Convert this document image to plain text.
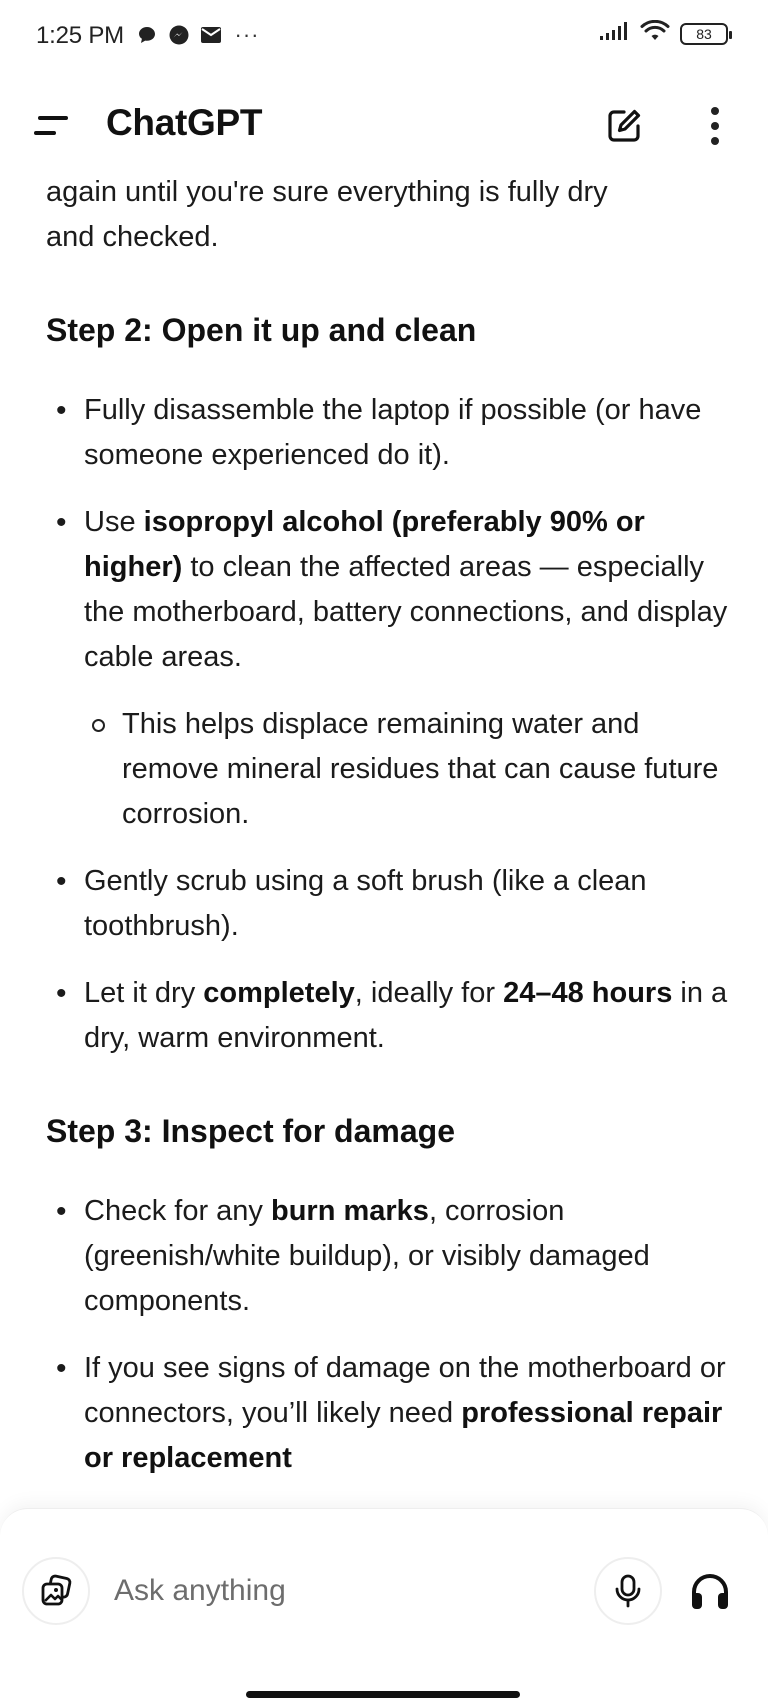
1:25 PM	···	83
ChatGPT
again until you're sure everything is fully dry
and checked.
Step 2: Open it up and clean
• Fully disassemble the laptop if possible (or have someone experienced do it).
• Use isopropyl alcohol (preferably 90% or higher) to clean the affected areas — especially the motherboard, battery connections, and display cable areas.
This helps displace remaining water and remove mineral residues that can cause future corrosion.
• Gently scrub using a soft brush (like a clean toothbrush).
• Let it dry completely, ideally for 24–48 hours in a dry, warm environment.
Step 3: Inspect for damage
• Check for any burn marks, corrosion (greenish/white buildup), or visibly damaged components.
• If you see signs of damage on the motherboard or connectors, you’ll likely need professional repair or replacement
Ask anything
